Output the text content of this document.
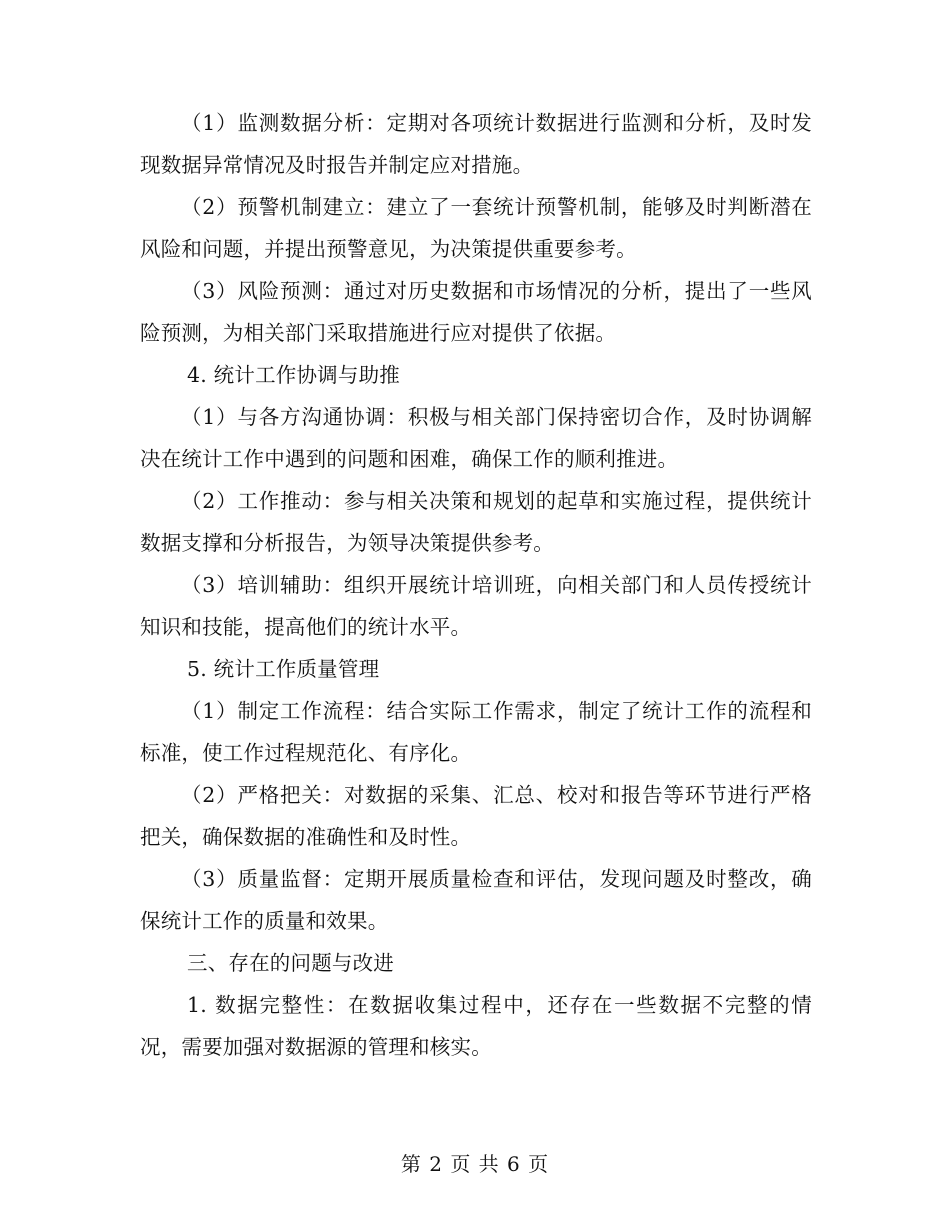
（1）监测数据分析：定期对各项统计数据进行监测和分析，及时发现数据异常情况及时报告并制定应对措施。

（2）预警机制建立：建立了一套统计预警机制，能够及时判断潜在风险和问题，并提出预警意见，为决策提供重要参考。

（3）风险预测：通过对历史数据和市场情况的分析，提出了一些风险预测，为相关部门采取措施进行应对提供了依据。

4. 统计工作协调与助推

（1）与各方沟通协调：积极与相关部门保持密切合作，及时协调解决在统计工作中遇到的问题和困难，确保工作的顺利推进。

（2）工作推动：参与相关决策和规划的起草和实施过程，提供统计数据支撑和分析报告，为领导决策提供参考。

（3）培训辅助：组织开展统计培训班，向相关部门和人员传授统计知识和技能，提高他们的统计水平。

5. 统计工作质量管理

（1）制定工作流程：结合实际工作需求，制定了统计工作的流程和标准，使工作过程规范化、有序化。

（2）严格把关：对数据的采集、汇总、校对和报告等环节进行严格把关，确保数据的准确性和及时性。

（3）质量监督：定期开展质量检查和评估，发现问题及时整改，确保统计工作的质量和效果。

三、存在的问题与改进

1. 数据完整性：在数据收集过程中，还存在一些数据不完整的情况，需要加强对数据源的管理和核实。

第 2 页 共 6 页
